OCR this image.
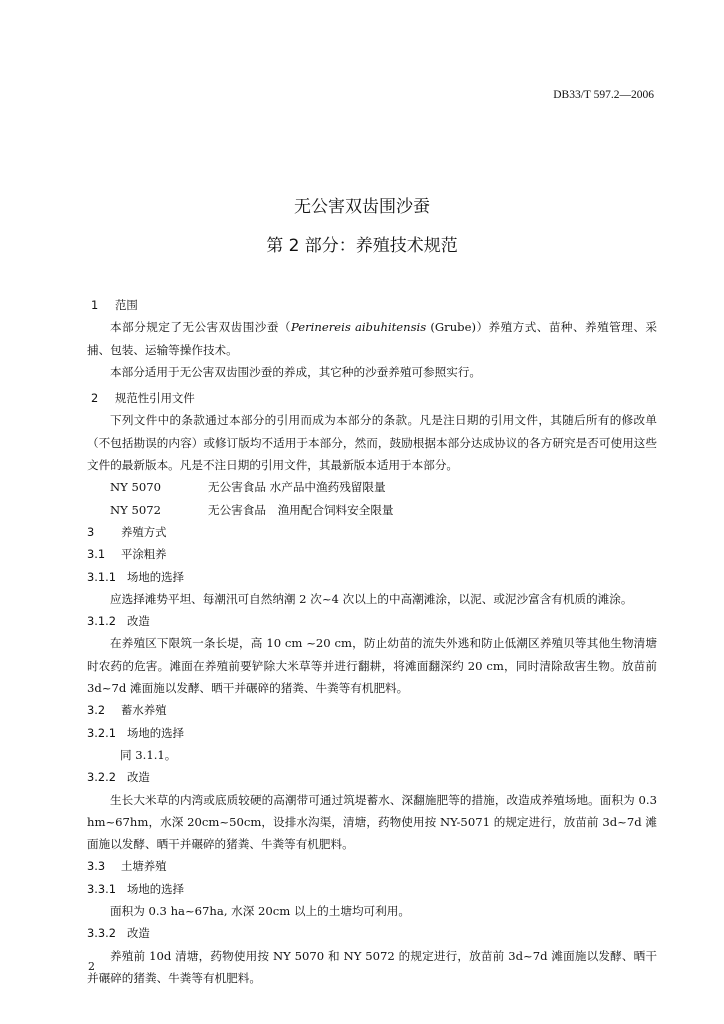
DB33/T 597.2—2006
无公害双齿围沙蚕
第 2 部分：养殖技术规范
1 范围
本部分规定了无公害双齿围沙蚕（Perinereis aibuhitensis (Grube)）养殖方式、苗种、养殖管理、采捕、包装、运输等操作技术。
本部分适用于无公害双齿围沙蚕的养成，其它种的沙蚕养殖可参照实行。
2 规范性引用文件
下列文件中的条款通过本部分的引用而成为本部分的条款。凡是注日期的引用文件，其随后所有的修改单（不包括勘误的内容）或修订版均不适用于本部分，然而，鼓励根据本部分达成协议的各方研究是否可使用这些文件的最新版本。凡是不注日期的引用文件，其最新版本适用于本部分。
NY 5070	无公害食品 水产品中渔药残留限量
NY 5072	无公害食品　渔用配合饲料安全限量
3 养殖方式
3.1 平涂粗养
3.1.1 场地的选择
应选择滩势平坦、每潮汛可自然纳潮 2 次~4 次以上的中高潮滩涂，以泥、或泥沙富含有机质的滩涂。
3.1.2 改造
在养殖区下限筑一条长堤，高 10 cm ~20 cm，防止幼苗的流失外逃和防止低潮区养殖贝等其他生物清塘时农药的危害。滩面在养殖前要铲除大米草等并进行翻耕，将滩面翻深约 20 cm，同时清除敌害生物。放苗前 3d~7d 滩面施以发酵、晒干并碾碎的猪粪、牛粪等有机肥料。
3.2 蓄水养殖
3.2.1 场地的选择
同 3.1.1。
3.2.2 改造
生长大米草的内湾或底质较硬的高潮带可通过筑堤蓄水、深翻施肥等的措施，改造成养殖场地。面积为 0.3 hm~67hm，水深 20cm~50cm，设排水沟渠，清塘，药物使用按 NY-5071 的规定进行，放苗前 3d~7d 滩面施以发酵、晒干并碾碎的猪粪、牛粪等有机肥料。
3.3 土塘养殖
3.3.1 场地的选择
面积为 0.3 ha~67ha, 水深 20cm 以上的土塘均可利用。
3.3.2 改造
养殖前 10d 清塘，药物使用按 NY 5070 和 NY 5072 的规定进行，放苗前 3d~7d 滩面施以发酵、晒干并碾碎的猪粪、牛粪等有机肥料。
2
